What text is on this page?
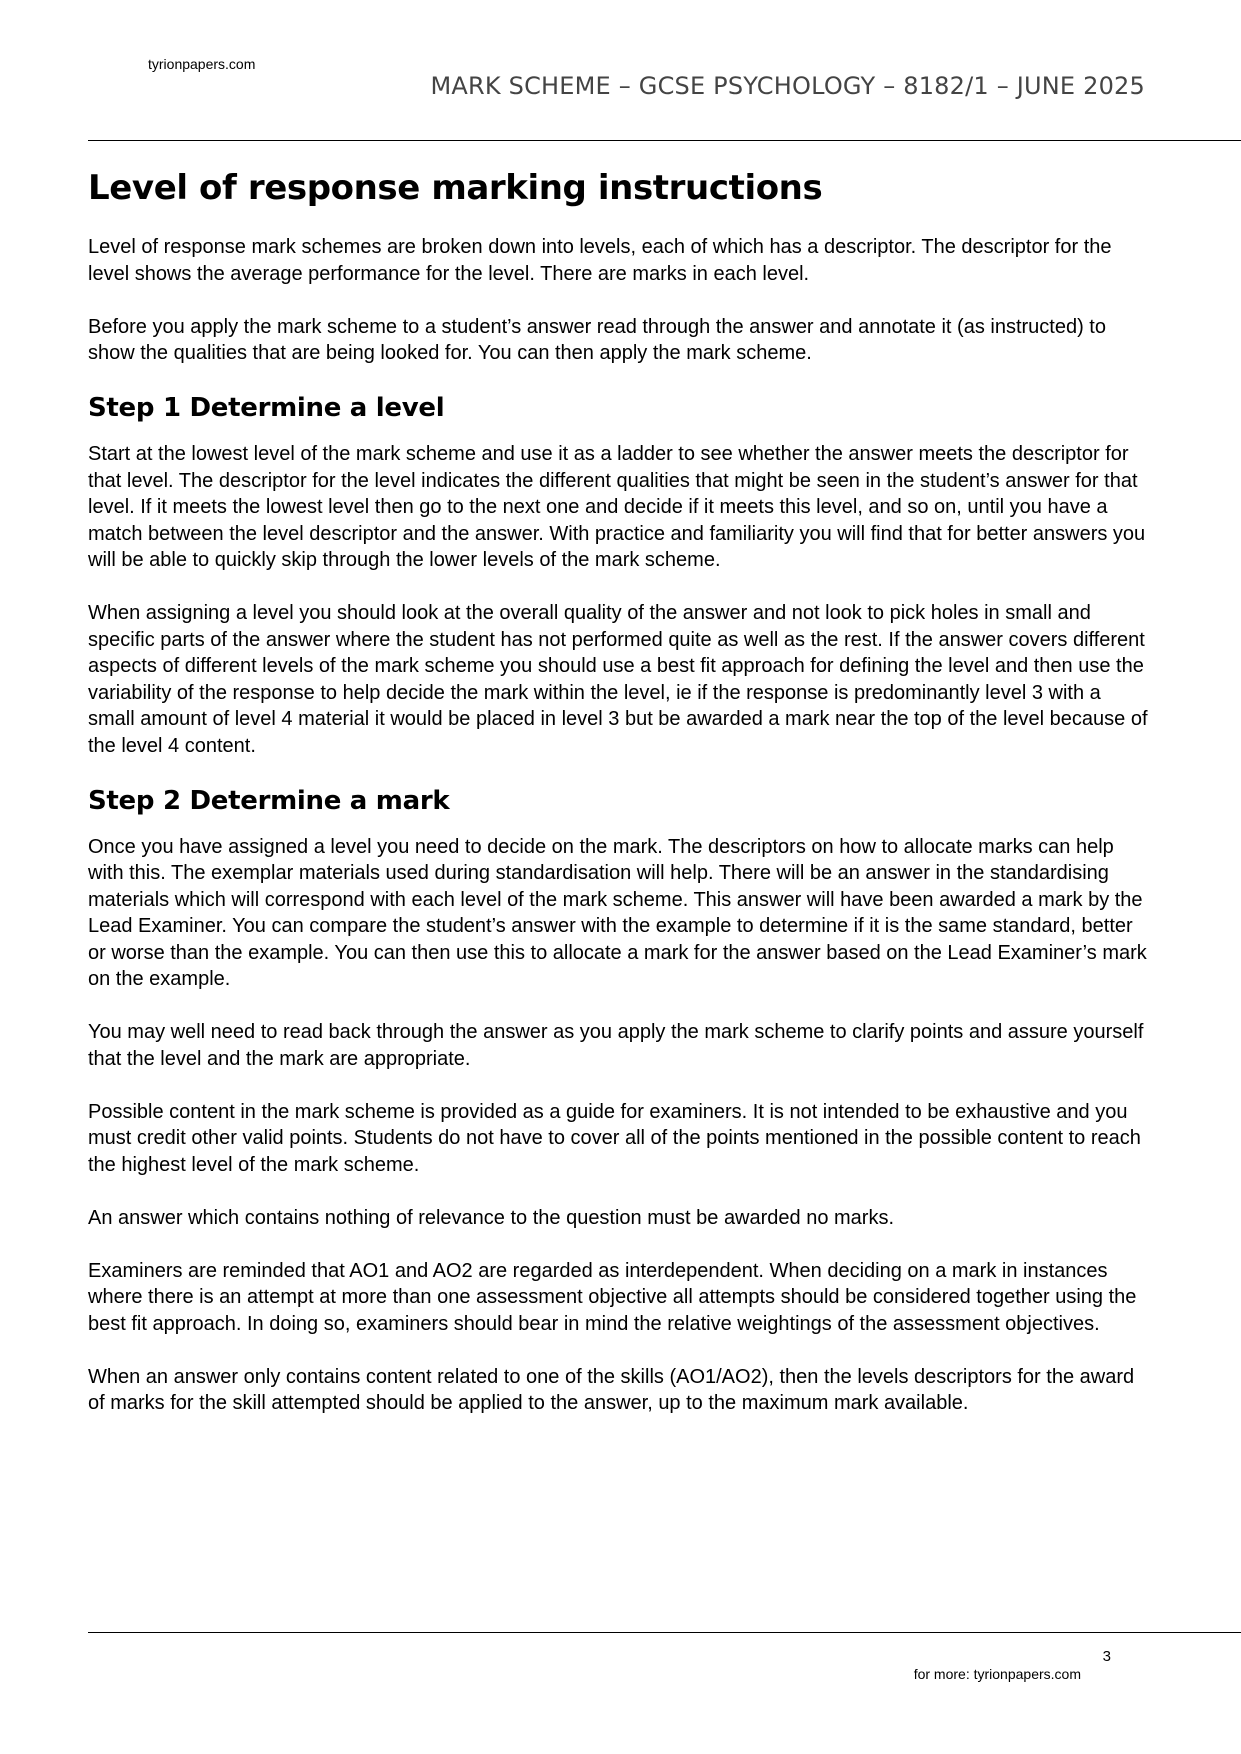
tyrionpapers.com
MARK SCHEME – GCSE PSYCHOLOGY – 8182/1 – JUNE 2025
Level of response marking instructions

Level of response mark schemes are broken down into levels, each of which has a descriptor. The descriptor for the level shows the average performance for the level. There are marks in each level.

Before you apply the mark scheme to a student’s answer read through the answer and annotate it (as instructed) to show the qualities that are being looked for. You can then apply the mark scheme.

Step 1 Determine a level

Start at the lowest level of the mark scheme and use it as a ladder to see whether the answer meets the descriptor for that level. The descriptor for the level indicates the different qualities that might be seen in the student’s answer for that level. If it meets the lowest level then go to the next one and decide if it meets this level, and so on, until you have a match between the level descriptor and the answer. With practice and familiarity you will find that for better answers you will be able to quickly skip through the lower levels of the mark scheme.

When assigning a level you should look at the overall quality of the answer and not look to pick holes in small and specific parts of the answer where the student has not performed quite as well as the rest. If the answer covers different aspects of different levels of the mark scheme you should use a best fit approach for defining the level and then use the variability of the response to help decide the mark within the level, ie if the response is predominantly level 3 with a small amount of level 4 material it would be placed in level 3 but be awarded a mark near the top of the level because of the level 4 content.

Step 2 Determine a mark

Once you have assigned a level you need to decide on the mark. The descriptors on how to allocate marks can help with this. The exemplar materials used during standardisation will help. There will be an answer in the standardising materials which will correspond with each level of the mark scheme. This answer will have been awarded a mark by the Lead Examiner. You can compare the student’s answer with the example to determine if it is the same standard, better or worse than the example. You can then use this to allocate a mark for the answer based on the Lead Examiner’s mark on the example.

You may well need to read back through the answer as you apply the mark scheme to clarify points and assure yourself that the level and the mark are appropriate.

Possible content in the mark scheme is provided as a guide for examiners. It is not intended to be exhaustive and you must credit other valid points. Students do not have to cover all of the points mentioned in the possible content to reach the highest level of the mark scheme.

An answer which contains nothing of relevance to the question must be awarded no marks.

Examiners are reminded that AO1 and AO2 are regarded as interdependent. When deciding on a mark in instances where there is an attempt at more than one assessment objective all attempts should be considered together using the best fit approach. In doing so, examiners should bear in mind the relative weightings of the assessment objectives.

When an answer only contains content related to one of the skills (AO1/AO2), then the levels descriptors for the award of marks for the skill attempted should be applied to the answer, up to the maximum mark available.

3
for more: tyrionpapers.com
